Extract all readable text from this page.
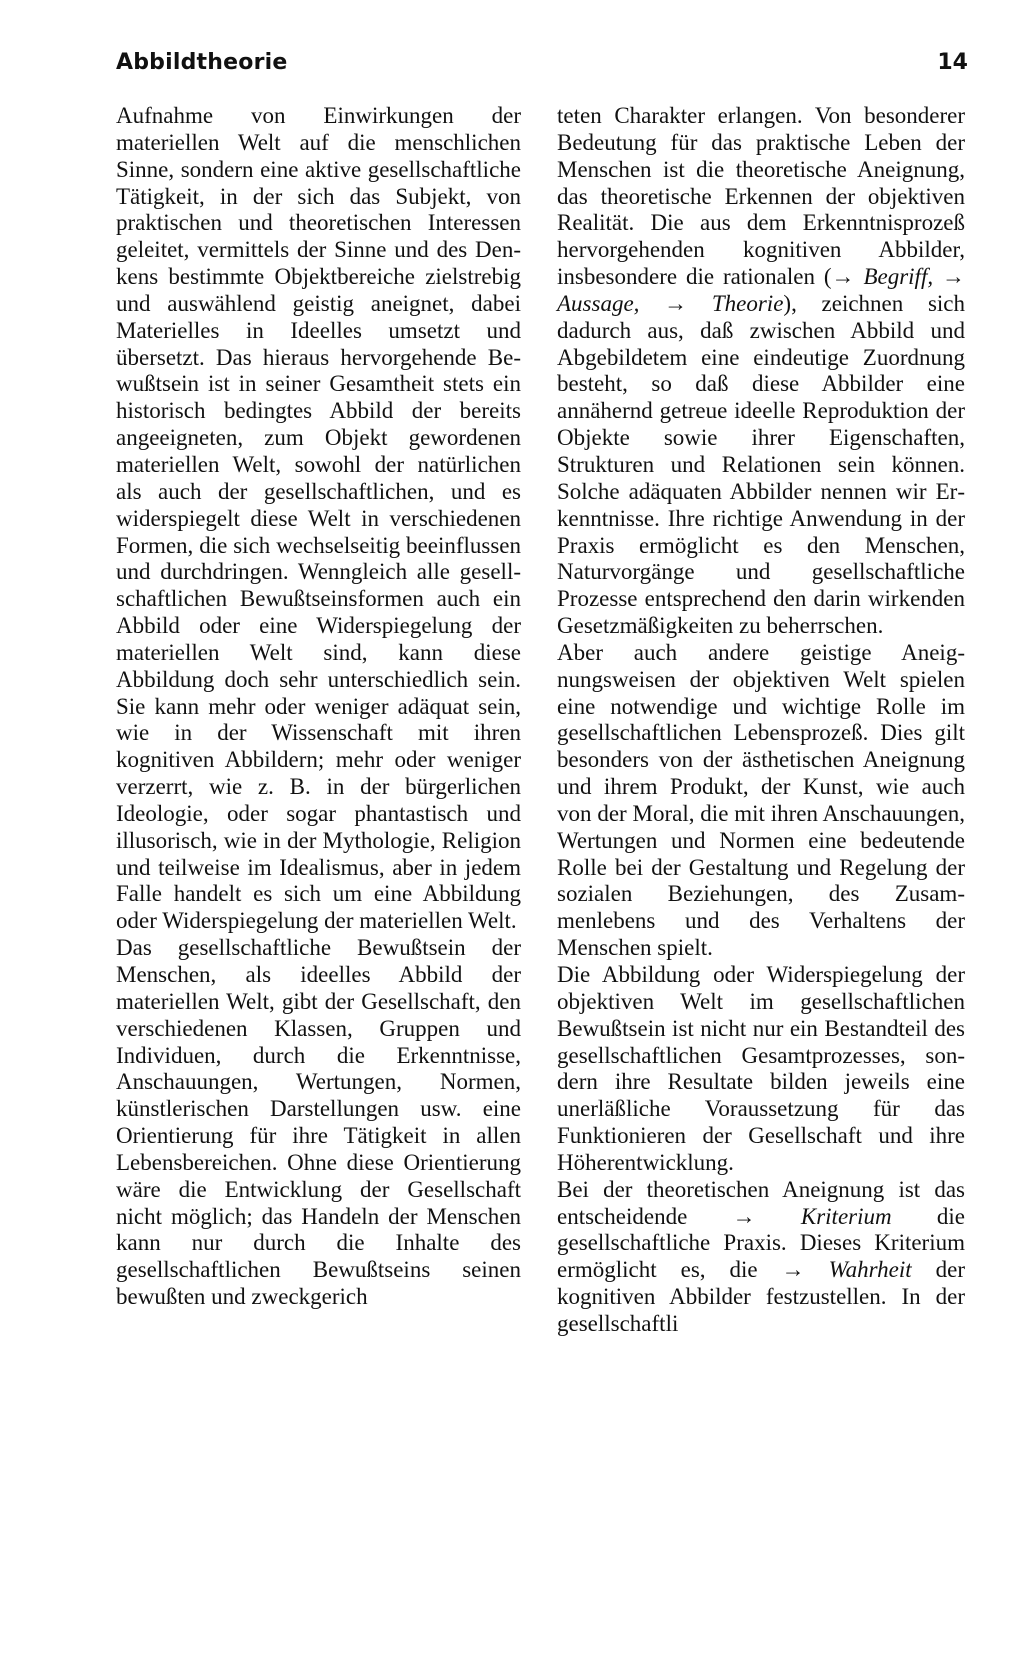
Abbildtheorie	14

Aufnahme von Einwirkungen der materiellen Welt auf die menschlichen Sinne, sondern eine aktive gesellschaftliche Tätigkeit, in der sich das Subjekt, von praktischen und theoretischen Interessen geleitet, vermittels der Sinne und des Denkens bestimmte Objektbereiche zielstrebig und auswählend geistig aneignet, dabei Materielles in Ideelles umsetzt und übersetzt. Das hieraus hervorgehende Bewußtsein ist in seiner Gesamtheit stets ein historisch bedingtes Abbild der bereits angeeigneten, zum Objekt gewordenen materiellen Welt, sowohl der natürlichen als auch der gesellschaftlichen, und es widerspiegelt diese Welt in verschiedenen Formen, die sich wechselseitig beeinflussen und durchdringen. Wenngleich alle gesellschaftlichen Bewußtseinsformen auch ein Abbild oder eine Widerspiegelung der materiellen Welt sind, kann diese Abbildung doch sehr unterschiedlich sein. Sie kann mehr oder weniger adäquat sein, wie in der Wissenschaft mit ihren kognitiven Abbildern; mehr oder weniger verzerrt, wie z. B. in der bürgerlichen Ideologie, oder sogar phantastisch und illusorisch, wie in der Mythologie, Religion und teilweise im Idealismus, aber in jedem Falle handelt es sich um eine Abbildung oder Widerspiegelung der materiellen Welt.

Das gesellschaftliche Bewußtsein der Menschen, als ideelles Abbild der materiellen Welt, gibt der Gesellschaft, den verschiedenen Klassen, Gruppen und Individuen, durch die Erkenntnisse, Anschauungen, Wertungen, Normen, künstlerischen Darstellungen usw. eine Orientierung für ihre Tätigkeit in allen Lebensbereichen. Ohne diese Orientierung wäre die Entwicklung der Gesellschaft nicht möglich; das Handeln der Menschen kann nur durch die Inhalte des gesellschaftlichen Bewußtseins seinen bewußten und zweckgerich

teten Charakter erlangen. Von besonderer Bedeutung für das praktische Leben der Menschen ist die theoretische Aneignung, das theoretische Erkennen der objektiven Realität. Die aus dem Erkenntnisprozeß hervorgehenden kognitiven Abbilder, insbesondere die rationalen (→ Begriff, → Aussage, → Theorie), zeichnen sich dadurch aus, daß zwischen Abbild und Abgebildetem eine eindeutige Zuordnung besteht, so daß diese Abbilder eine annähernd getreue ideelle Reproduktion der Objekte sowie ihrer Eigenschaften, Strukturen und Relationen sein können. Solche adäquaten Abbilder nennen wir Erkenntnisse. Ihre richtige Anwendung in der Praxis ermöglicht es den Menschen, Naturvorgänge und gesellschaftliche Prozesse entsprechend den darin wirkenden Gesetzmäßigkeiten zu beherrschen.

Aber auch andere geistige Aneignungsweisen der objektiven Welt spielen eine notwendige und wichtige Rolle im gesellschaftlichen Lebensprozeß. Dies gilt besonders von der ästhetischen Aneignung und ihrem Produkt, der Kunst, wie auch von der Moral, die mit ihren Anschauungen, Wertungen und Normen eine bedeutende Rolle bei der Gestaltung und Regelung der sozialen Beziehungen, des Zusammenlebens und des Verhaltens der Menschen spielt.

Die Abbildung oder Widerspiegelung der objektiven Welt im gesellschaftlichen Bewußtsein ist nicht nur ein Bestandteil des gesellschaftlichen Gesamtprozesses, sondern ihre Resultate bilden jeweils eine unerläßliche Voraussetzung für das Funktionieren der Gesellschaft und ihre Höherentwicklung.

Bei der theoretischen Aneignung ist das entscheidende → Kriterium die gesellschaftliche Praxis. Dieses Kriterium ermöglicht es, die → Wahrheit der kognitiven Abbilder festzustellen. In der gesellschaftli
